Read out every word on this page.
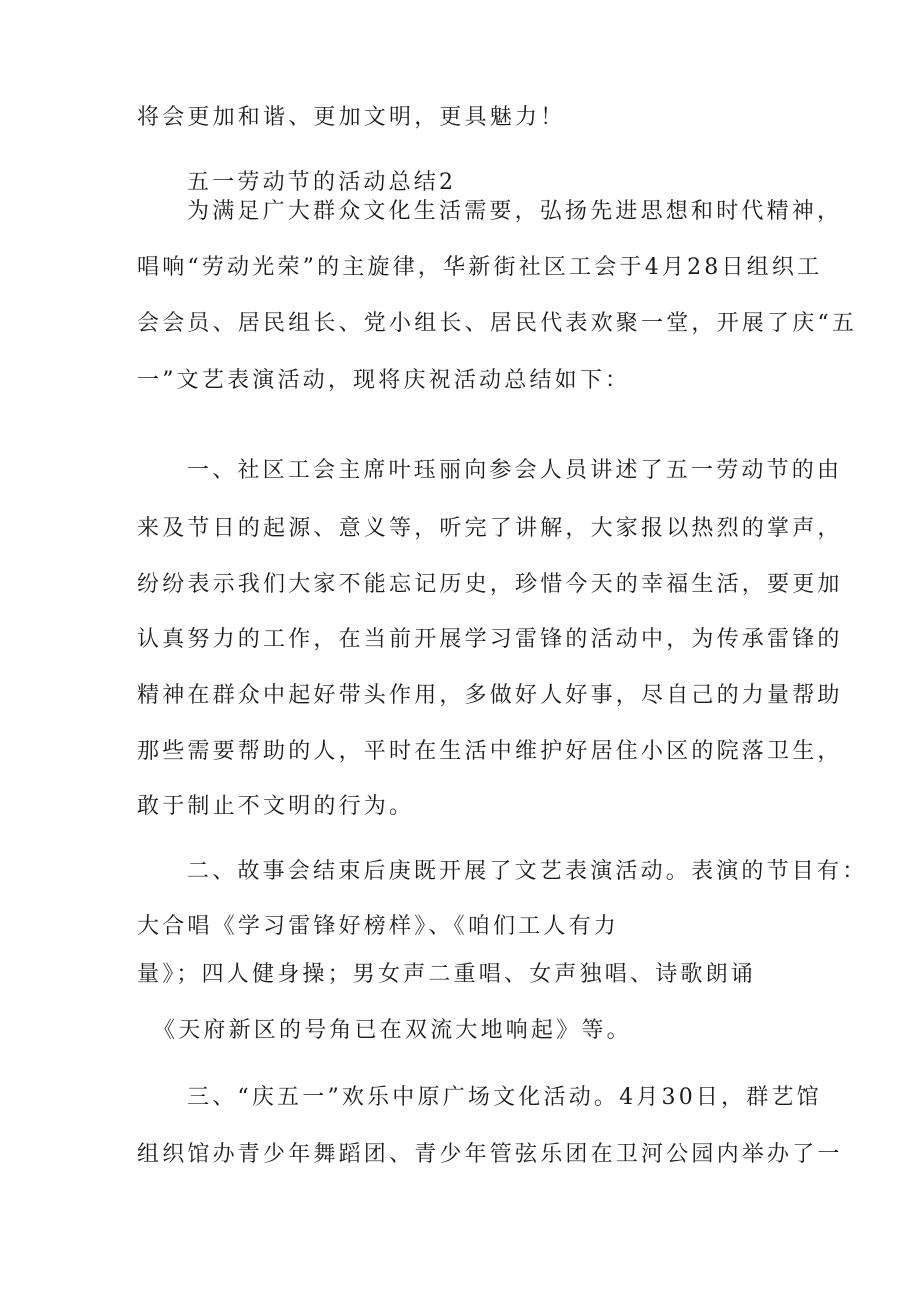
将会更加和谐、更加文明，更具魅力！
五一劳动节的活动总结2
为满足广大群众文化生活需要，弘扬先进思想和时代精神，
唱响“劳动光荣”的主旋律，华新街社区工会于4月28日组织工
会会员、居民组长、党小组长、居民代表欢聚一堂，开展了庆“五
一”文艺表演活动，现将庆祝活动总结如下：
一、社区工会主席叶珏丽向参会人员讲述了五一劳动节的由
来及节日的起源、意义等，听完了讲解，大家报以热烈的掌声，
纷纷表示我们大家不能忘记历史，珍惜今天的幸福生活，要更加
认真努力的工作，在当前开展学习雷锋的活动中，为传承雷锋的
精神在群众中起好带头作用，多做好人好事，尽自己的力量帮助
那些需要帮助的人，平时在生活中维护好居住小区的院落卫生，
敢于制止不文明的行为。
二、故事会结束后庚既开展了文艺表演活动。表演的节目有：
大合唱《学习雷锋好榜样》、《咱们工人有力
量》；四人健身操；男女声二重唱、女声独唱、诗歌朗诵
《天府新区的号角已在双流大地响起》等。
三、“庆五一”欢乐中原广场文化活动。4月30日，群艺馆
组织馆办青少年舞蹈团、青少年管弦乐团在卫河公园内举办了一
